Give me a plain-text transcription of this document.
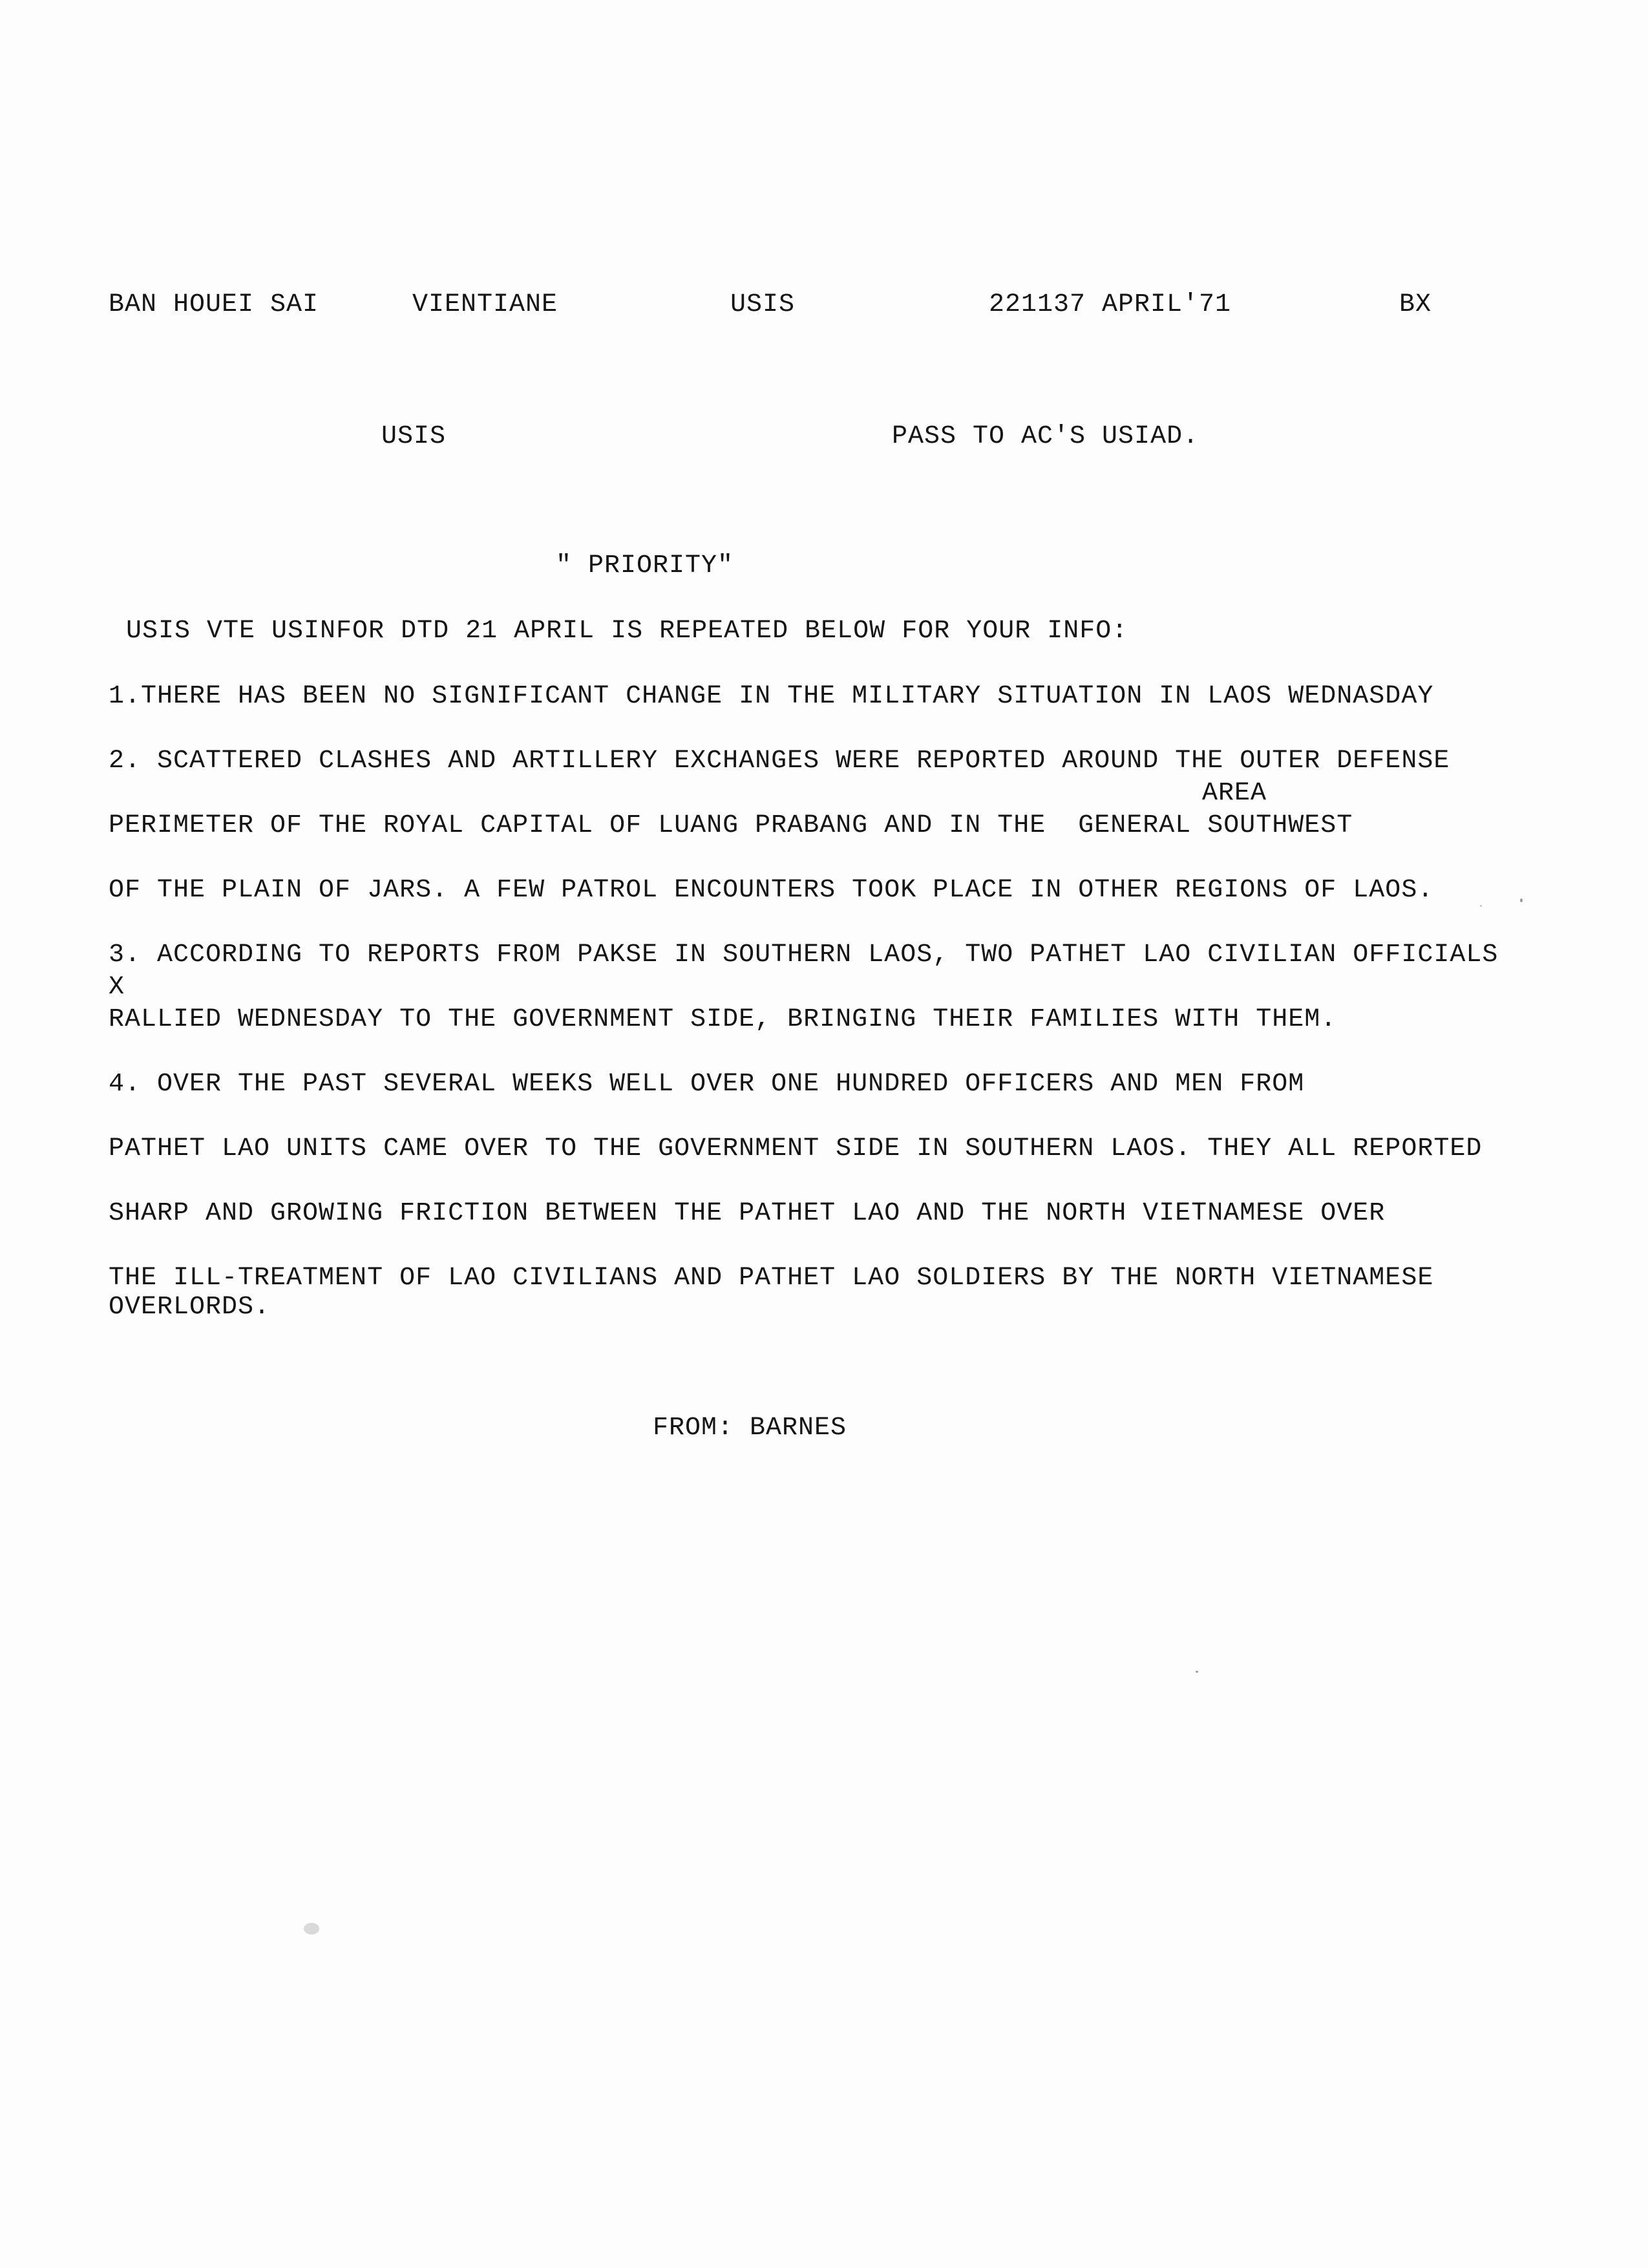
BAN HOUEI SAI	VIENTIANE	USIS	221137 APRIL'71	BX
USIS	PASS TO AC'S USIAD.
" PRIORITY"
USIS VTE USINFOR DTD 21 APRIL IS REPEATED BELOW FOR YOUR INFO:
1.THERE HAS BEEN NO SIGNIFICANT CHANGE IN THE MILITARY SITUATION IN LAOS WEDNASDAY
2. SCATTERED CLASHES AND ARTILLERY EXCHANGES WERE REPORTED AROUND THE OUTER DEFENSE
AREA
PERIMETER OF THE ROYAL CAPITAL OF LUANG PRABANG AND IN THE  GENERAL SOUTHWEST
OF THE PLAIN OF JARS. A FEW PATROL ENCOUNTERS TOOK PLACE IN OTHER REGIONS OF LAOS.
3. ACCORDING TO REPORTS FROM PAKSE IN SOUTHERN LAOS, TWO PATHET LAO CIVILIAN OFFICIALS
X
RALLIED WEDNESDAY TO THE GOVERNMENT SIDE, BRINGING THEIR FAMILIES WITH THEM.
4. OVER THE PAST SEVERAL WEEKS WELL OVER ONE HUNDRED OFFICERS AND MEN FROM
PATHET LAO UNITS CAME OVER TO THE GOVERNMENT SIDE IN SOUTHERN LAOS. THEY ALL REPORTED
SHARP AND GROWING FRICTION BETWEEN THE PATHET LAO AND THE NORTH VIETNAMESE OVER
THE ILL-TREATMENT OF LAO CIVILIANS AND PATHET LAO SOLDIERS BY THE NORTH VIETNAMESE
OVERLORDS.
FROM: BARNES
